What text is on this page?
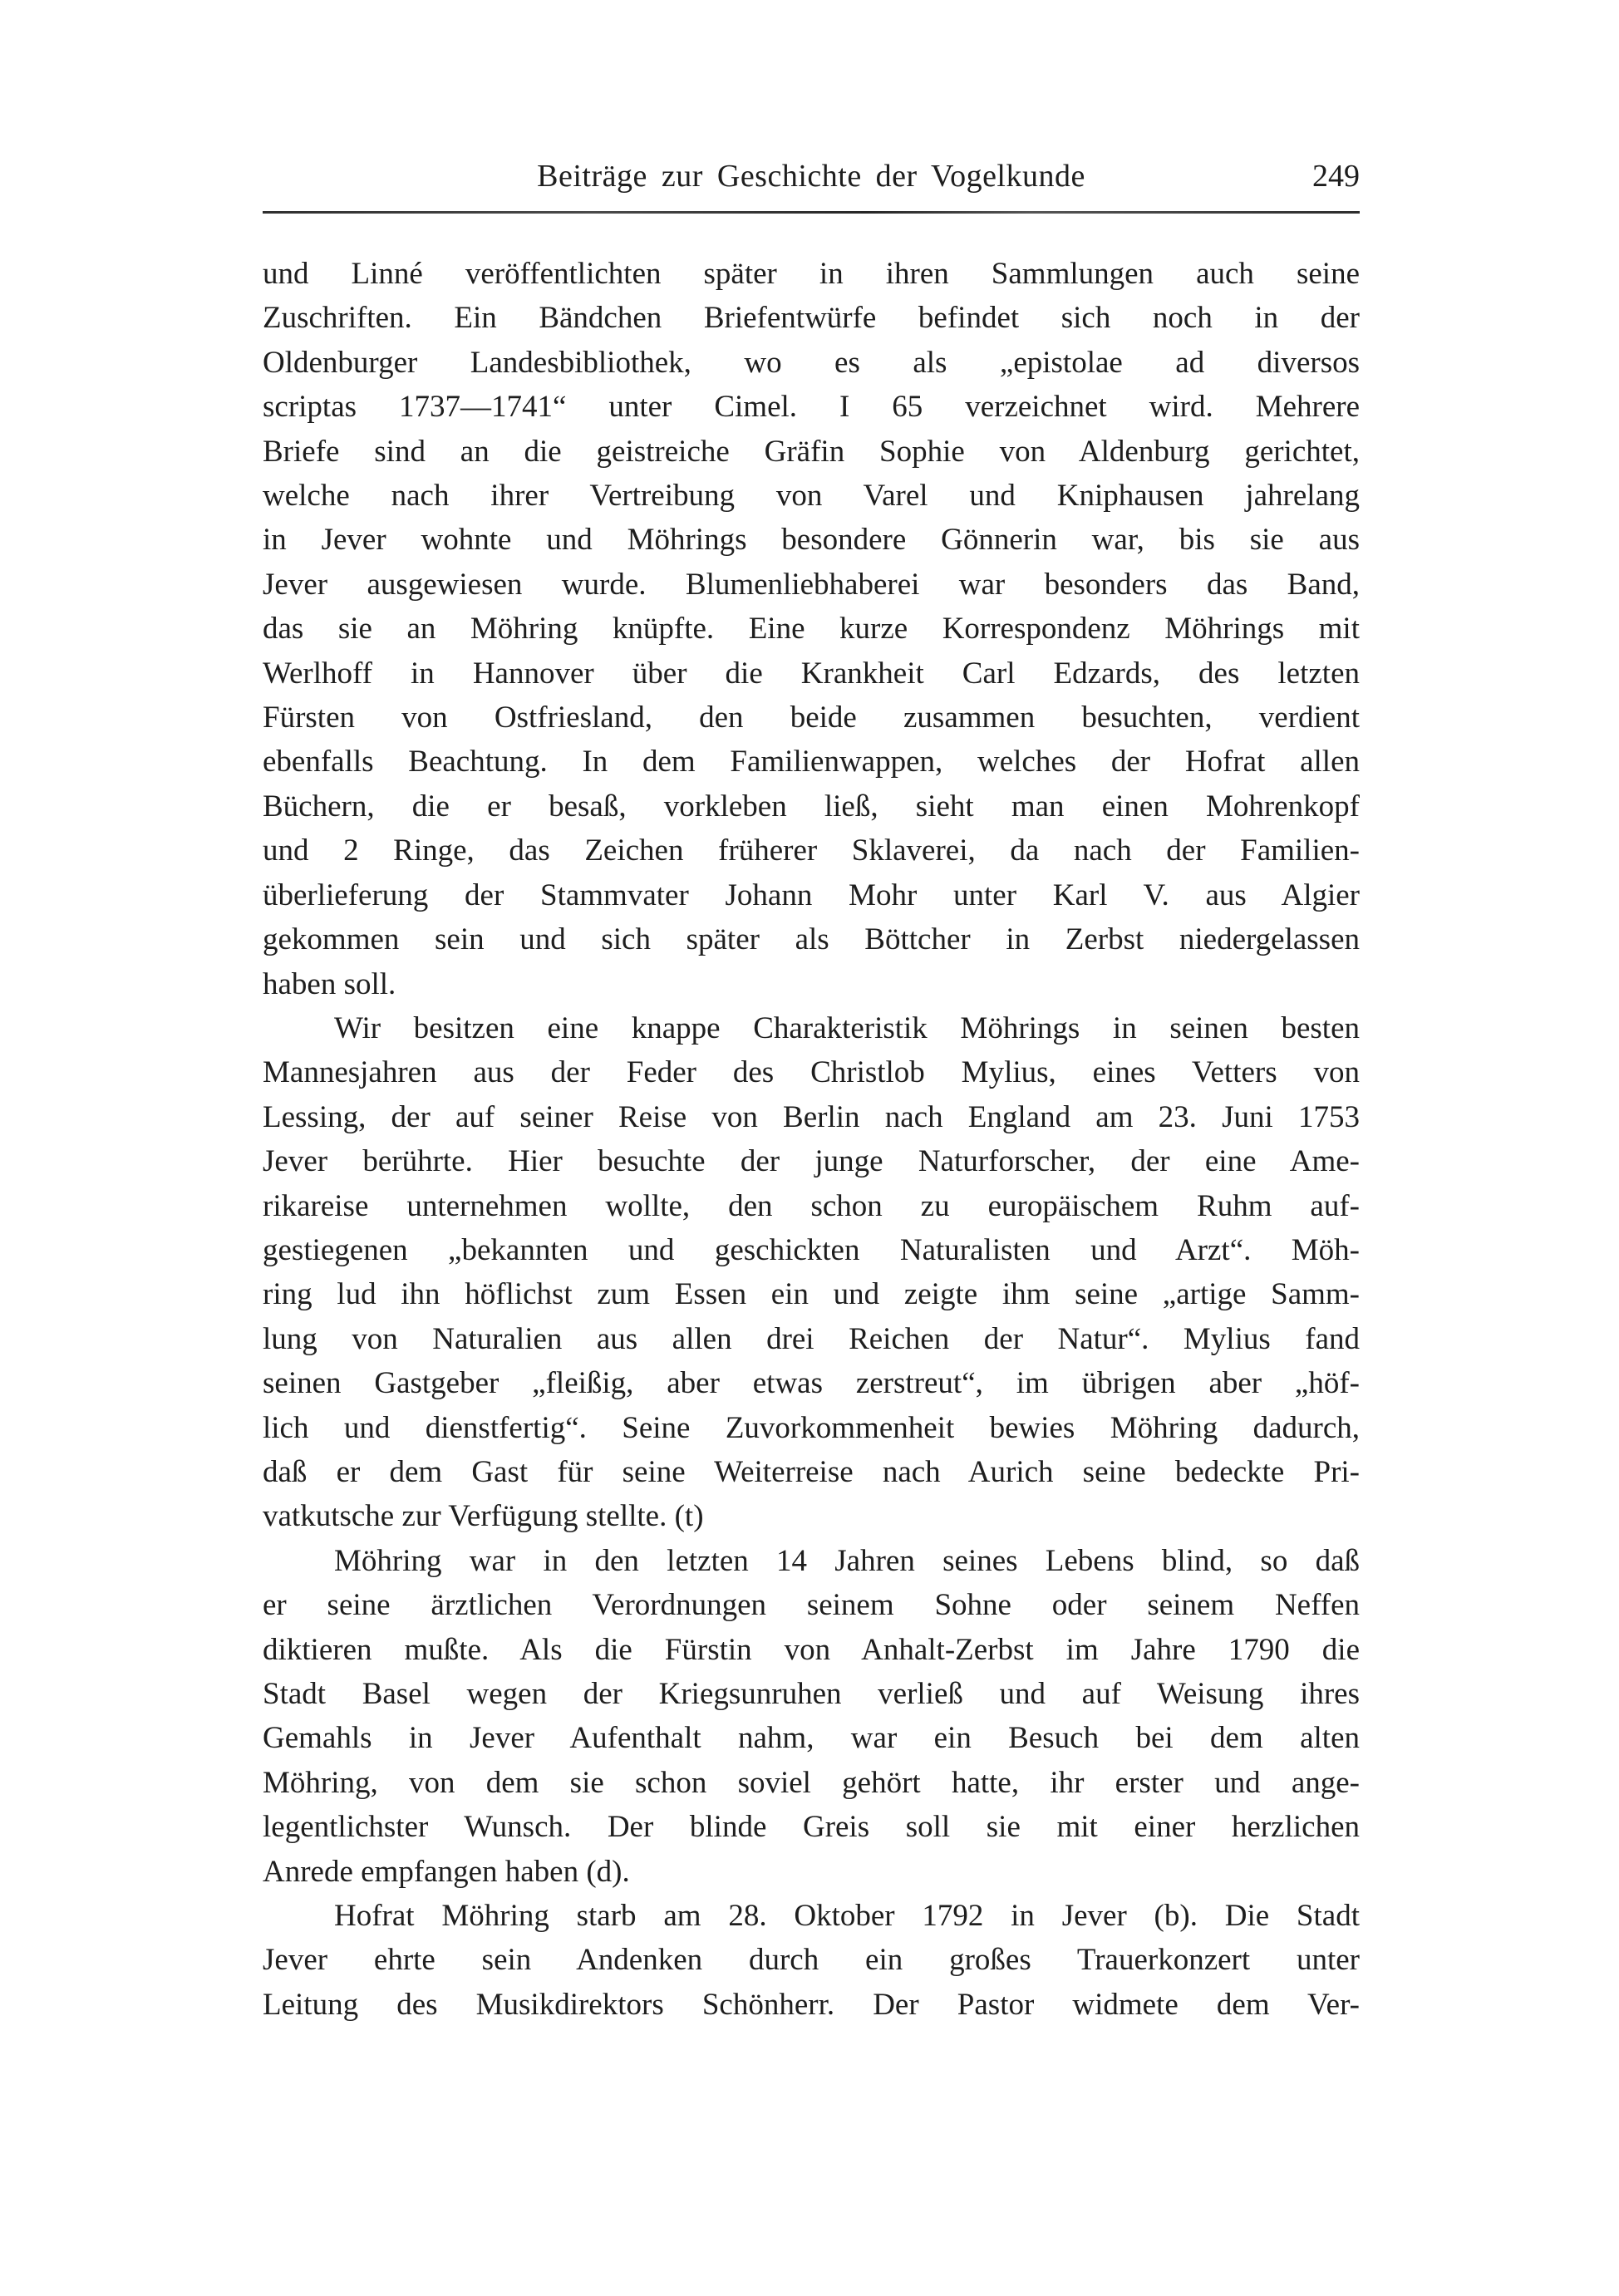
Beiträge zur Geschichte der Vogelkunde	249
und Linné veröffentlichten später in ihren Sammlungen auch seine
Zuschriften. Ein Bändchen Briefentwürfe befindet sich noch in der
Oldenburger Landesbibliothek, wo es als „epistolae ad diversos
scriptas 1737—1741“ unter Cimel. I 65 verzeichnet wird. Mehrere
Briefe sind an die geistreiche Gräfin Sophie von Aldenburg gerichtet,
welche nach ihrer Vertreibung von Varel und Kniphausen jahrelang
in Jever wohnte und Möhrings besondere Gönnerin war, bis sie aus
Jever ausgewiesen wurde. Blumenliebhaberei war besonders das Band,
das sie an Möhring knüpfte. Eine kurze Korrespondenz Möhrings mit
Werlhoff in Hannover über die Krankheit Carl Edzards, des letzten
Fürsten von Ostfriesland, den beide zusammen besuchten, verdient
ebenfalls Beachtung. In dem Familienwappen, welches der Hofrat allen
Büchern, die er besaß, vorkleben ließ, sieht man einen Mohrenkopf
und 2 Ringe, das Zeichen früherer Sklaverei, da nach der Familien-
überlieferung der Stammvater Johann Mohr unter Karl V. aus Algier
gekommen sein und sich später als Böttcher in Zerbst niedergelassen
haben soll.
Wir besitzen eine knappe Charakteristik Möhrings in seinen besten
Mannesjahren aus der Feder des Christlob Mylius, eines Vetters von
Lessing, der auf seiner Reise von Berlin nach England am 23. Juni 1753
Jever berührte. Hier besuchte der junge Naturforscher, der eine Ame-
rikareise unternehmen wollte, den schon zu europäischem Ruhm auf-
gestiegenen „bekannten und geschickten Naturalisten und Arzt“. Möh-
ring lud ihn höflichst zum Essen ein und zeigte ihm seine „artige Samm-
lung von Naturalien aus allen drei Reichen der Natur“. Mylius fand
seinen Gastgeber „fleißig, aber etwas zerstreut“, im übrigen aber „höf-
lich und dienstfertig“. Seine Zuvorkommenheit bewies Möhring dadurch,
daß er dem Gast für seine Weiterreise nach Aurich seine bedeckte Pri-
vatkutsche zur Verfügung stellte. (t)
Möhring war in den letzten 14 Jahren seines Lebens blind, so daß
er seine ärztlichen Verordnungen seinem Sohne oder seinem Neffen
diktieren mußte. Als die Fürstin von Anhalt-Zerbst im Jahre 1790 die
Stadt Basel wegen der Kriegsunruhen verließ und auf Weisung ihres
Gemahls in Jever Aufenthalt nahm, war ein Besuch bei dem alten
Möhring, von dem sie schon soviel gehört hatte, ihr erster und ange-
legentlichster Wunsch. Der blinde Greis soll sie mit einer herzlichen
Anrede empfangen haben (d).
Hofrat Möhring starb am 28. Oktober 1792 in Jever (b). Die Stadt
Jever ehrte sein Andenken durch ein großes Trauerkonzert unter
Leitung des Musikdirektors Schönherr. Der Pastor widmete dem Ver-
